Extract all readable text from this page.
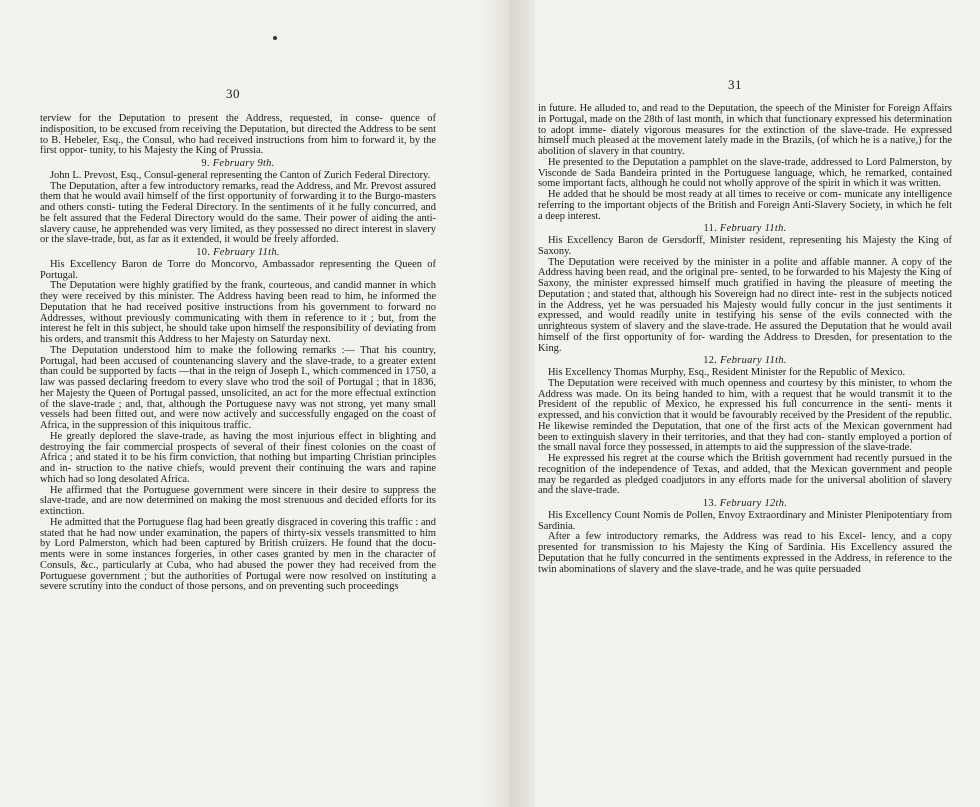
30

terview for the Deputation to present the Address, requested, in conse- quence of indisposition, to be excused from receiving the Deputation, but directed the Address to be sent to B. Hebeler, Esq., the Consul, who had received instructions from him to forward it, by the first oppor- tunity, to his Majesty the King of Prussia.

9. February 9th.

John L. Prevost, Esq., Consul-general representing the Canton of Zurich Federal Directory.

The Deputation, after a few introductory remarks, read the Address, and Mr. Prevost assured them that he would avail himself of the first opportunity of forwarding it to the Burgo-masters and others consti- tuting the Federal Directory. In the sentiments of it he fully concurred, and he felt assured that the Federal Directory would do the same. Their power of aiding the anti-slavery cause, he apprehended was very limited, as they possessed no direct interest in slavery or the slave-trade, but, as far as it extended, it would be freely afforded.

10. February 11th.

His Excellency Baron de Torre do Moncorvo, Ambassador representing the Queen of Portugal.

The Deputation were highly gratified by the frank, courteous, and candid manner in which they were received by this minister. The Address having been read to him, he informed the Deputation that he had received positive instructions from his government to forward no Addresses, without previously communicating with them in reference to it ; but, from the interest he felt in this subject, he should take upon himself the responsibility of deviating from his orders, and transmit this Address to her Majesty on Saturday next.

The Deputation understood him to make the following remarks :— That his country, Portugal, had been accused of countenancing slavery and the slave-trade, to a greater extent than could be supported by facts —that in the reign of Joseph I., which commenced in 1750, a law was passed declaring freedom to every slave who trod the soil of Portugal ; that in 1836, her Majesty the Queen of Portugal passed, unsolicited, an act for the more effectual extinction of the slave-trade ; and, that, although the Portuguese navy was not strong, yet many small vessels had been fitted out, and were now actively and successfully engaged on the coast of Africa, in the suppression of this iniquitous traffic.

He greatly deplored the slave-trade, as having the most injurious effect in blighting and destroying the fair commercial prospects of several of their finest colonies on the coast of Africa ; and stated it to be his firm conviction, that nothing but imparting Christian principles and in- struction to the native chiefs, would prevent their continuing the wars and rapine which had so long desolated Africa.

He affirmed that the Portuguese government were sincere in their desire to suppress the slave-trade, and are now determined on making the most strenuous and decided efforts for its extinction.

He admitted that the Portuguese flag had been greatly disgraced in covering this traffic : and stated that he had now under examination, the papers of thirty-six vessels transmitted to him by Lord Palmerston, which had been captured by British cruizers. He found that the docu- ments were in some instances forgeries, in other cases granted by men in the character of Consuls, &c., particularly at Cuba, who had abused the power they had received from the Portuguese government ; but the authorities of Portugal were now resolved on instituting a severe scrutiny into the conduct of those persons, and on preventing such proceedings

31

in future. He alluded to, and read to the Deputation, the speech of the Minister for Foreign Affairs in Portugal, made on the 28th of last month, in which that functionary expressed his determination to adopt imme- diately vigorous measures for the extinction of the slave-trade. He expressed himself much pleased at the movement lately made in the Brazils, (of which he is a native,) for the abolition of slavery in that country.

He presented to the Deputation a pamphlet on the slave-trade, addressed to Lord Palmerston, by Visconde de Sada Bandeira printed in the Portuguese language, which, he remarked, contained some important facts, although he could not wholly approve of the spirit in which it was written.

He added that he should be most ready at all times to receive or com- municate any intelligence referring to the important objects of the British and Foreign Anti-Slavery Society, in which he felt a deep interest.

11. February 11th.

His Excellency Baron de Gersdorff, Minister resident, representing his Majesty the King of Saxony.

The Deputation were received by the minister in a polite and affable manner. A copy of the Address having been read, and the original pre- sented, to be forwarded to his Majesty the King of Saxony, the minister expressed himself much gratified in having the pleasure of meeting the Deputation ; and stated that, although his Sovereign had no direct inte- rest in the subjects noticed in the Address, yet he was persuaded his Majesty would fully concur in the just sentiments it expressed, and would readily unite in testifying his sense of the evils connected with the unrighteous system of slavery and the slave-trade. He assured the Deputation that he would avail himself of the first opportunity of for- warding the Address to Dresden, for presentation to the King.

12. February 11th.

His Excellency Thomas Murphy, Esq., Resident Minister for the Republic of Mexico.

The Deputation were received with much openness and courtesy by this minister, to whom the Address was made. On its being handed to him, with a request that he would transmit it to the President of the republic of Mexico, he expressed his full concurrence in the senti- ments it expressed, and his conviction that it would be favourably received by the President of the republic. He likewise reminded the Deputation, that one of the first acts of the Mexican government had been to extinguish slavery in their territories, and that they had con- stantly employed a portion of the small naval force they possessed, in attempts to aid the suppression of the slave-trade.

He expressed his regret at the course which the British government had recently pursued in the recognition of the independence of Texas, and added, that the Mexican government and people may be regarded as pledged coadjutors in any efforts made for the universal abolition of slavery and the slave-trade.

13. February 12th.

His Excellency Count Nomis de Pollen, Envoy Extraordinary and Minister Plenipotentiary from Sardinia.

After a few introductory remarks, the Address was read to his Excel- lency, and a copy presented for transmission to his Majesty the King of Sardinia. His Excellency assured the Deputation that he fully concurred in the sentiments expressed in the Address, in reference to the twin abominations of slavery and the slave-trade, and he was quite persuaded
